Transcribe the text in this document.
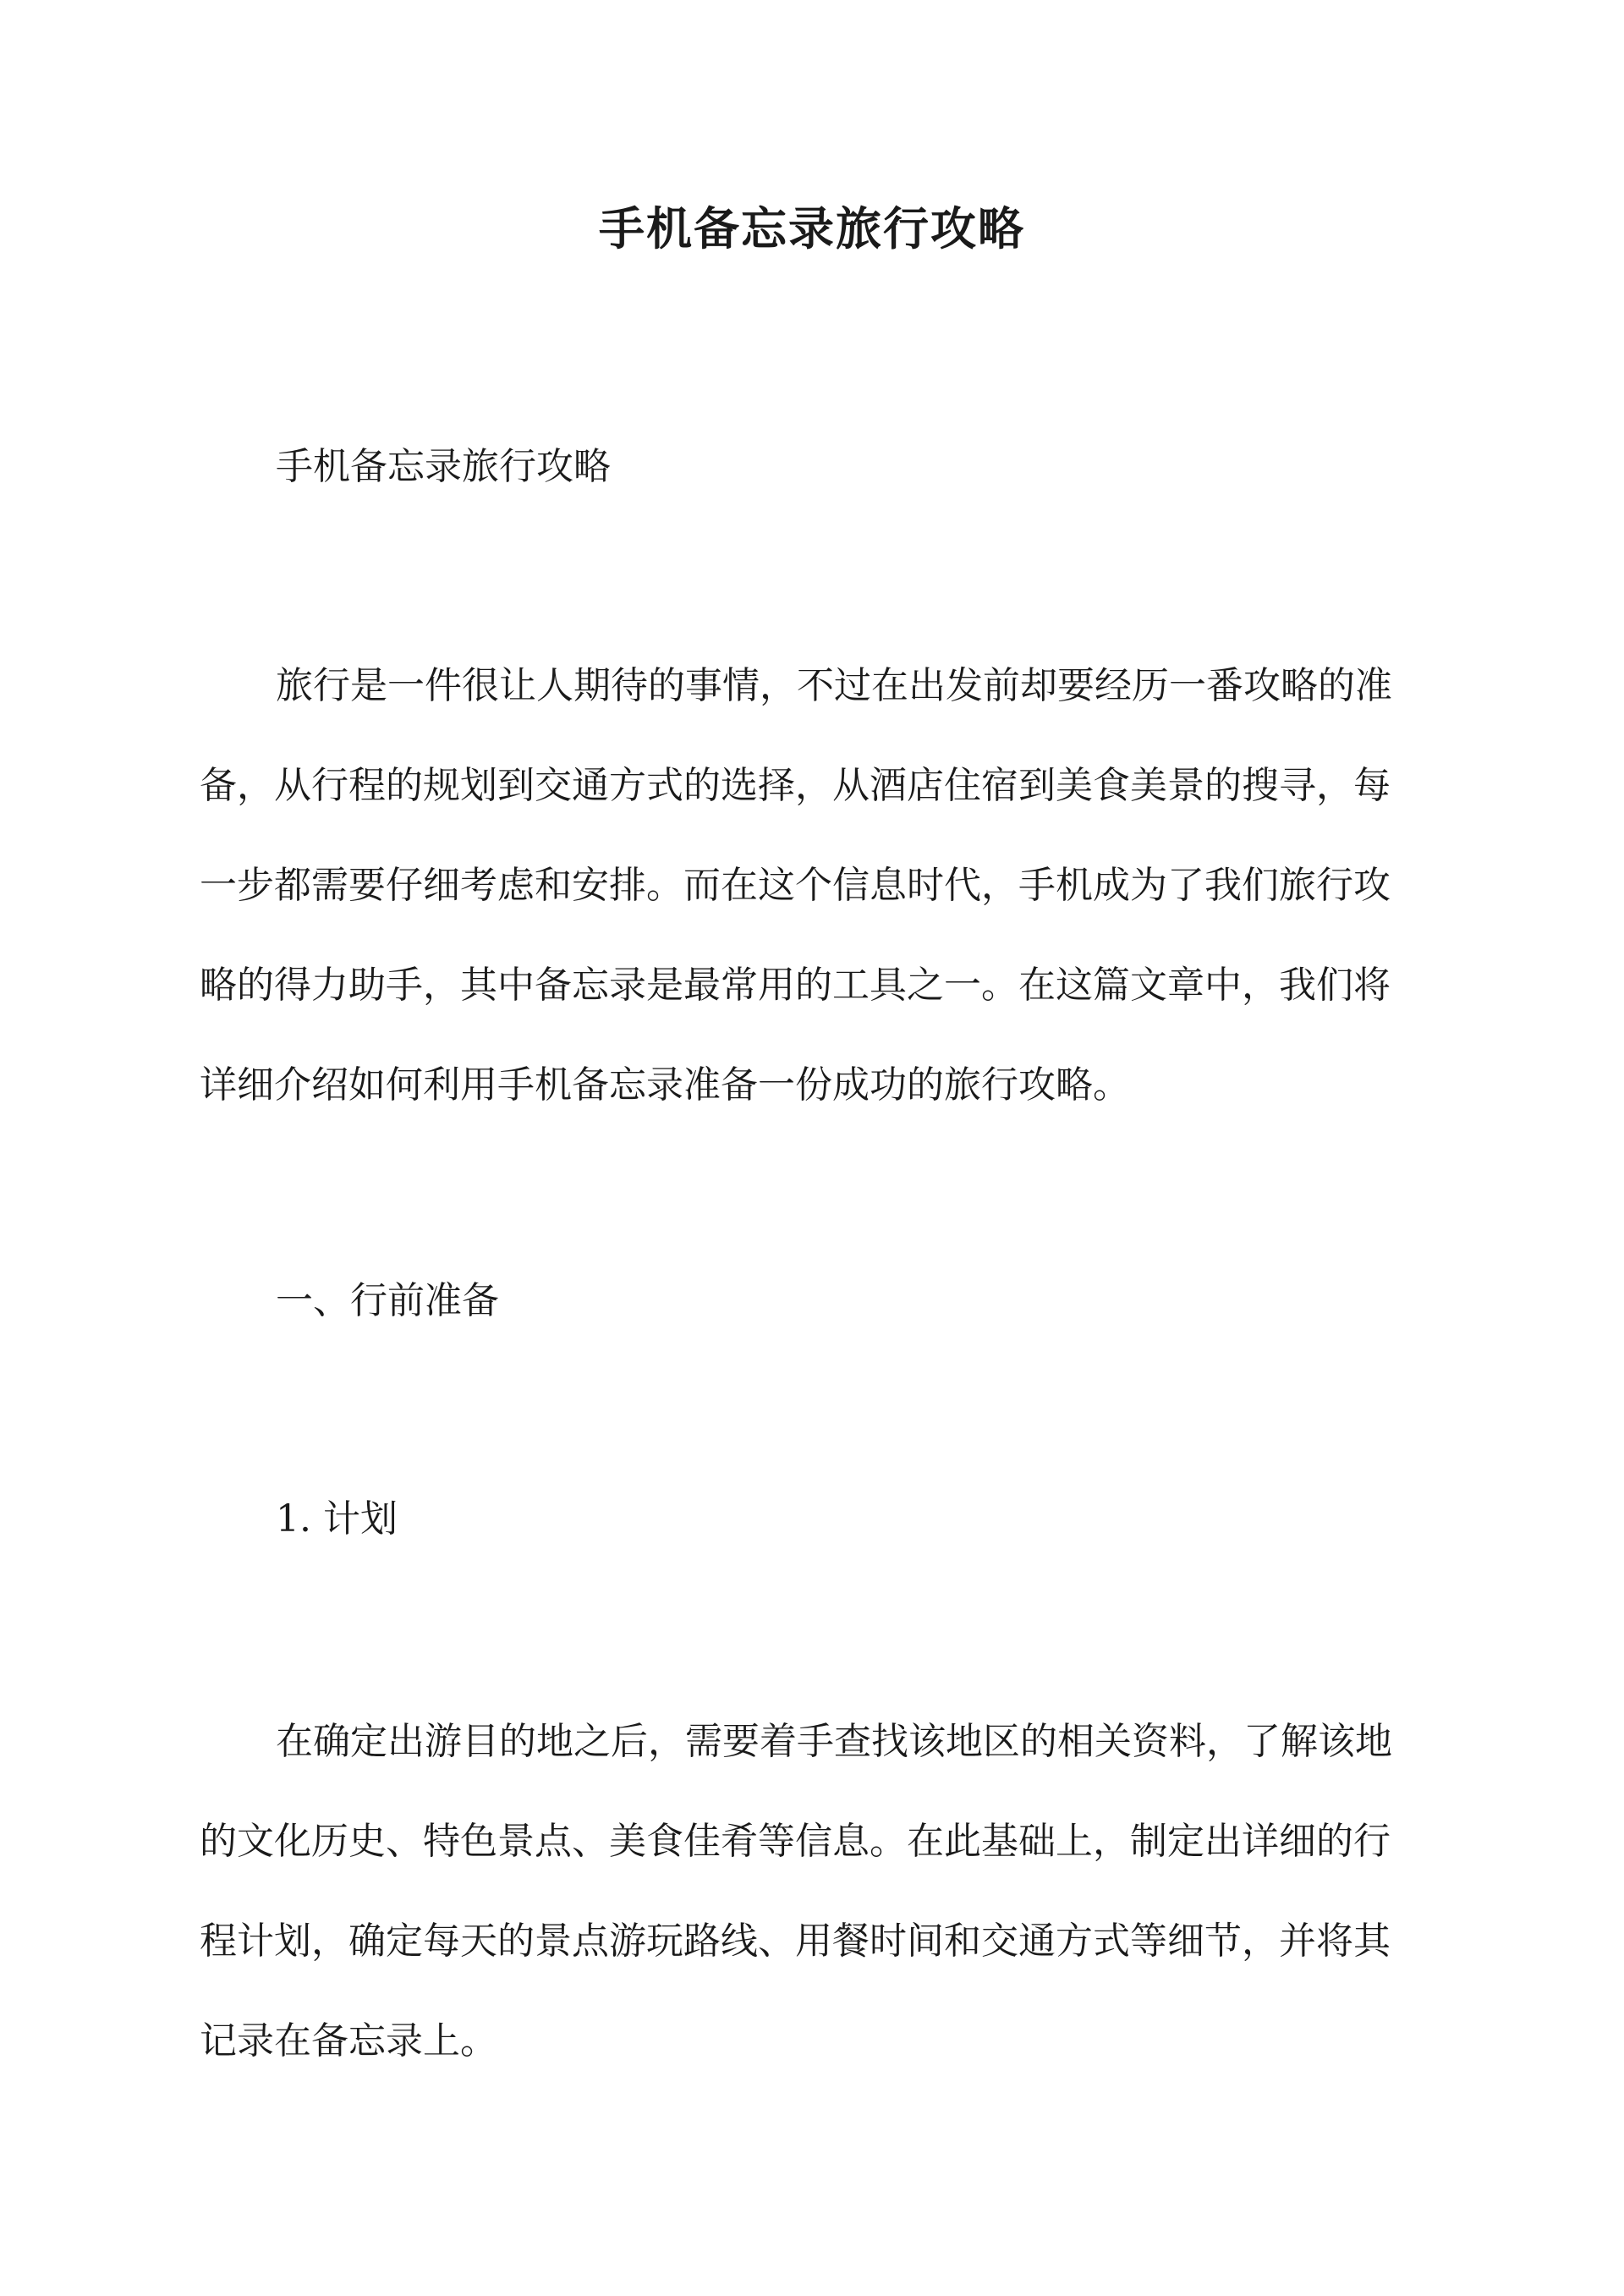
手机备忘录旅行攻略

手机备忘录旅行攻略

旅行是一件很让人期待的事情，不过在出发前却要经历一番攻略的准
备，从行程的规划到交通方式的选择，从酒店住宿到美食美景的搜寻，每
一步都需要仔细考虑和安排。而在这个信息时代，手机成为了我们旅行攻
略的得力助手，其中备忘录是最常用的工具之一。在这篇文章中，我们将
详细介绍如何利用手机备忘录准备一份成功的旅行攻略。

一、行前准备

1. 计划

在确定出游目的地之后，需要着手查找该地区的相关资料，了解该地
的文化历史、特色景点、美食佳肴等信息。在此基础上，制定出详细的行
程计划，确定每天的景点游玩路线、用餐时间和交通方式等细节，并将其
记录在备忘录上。
